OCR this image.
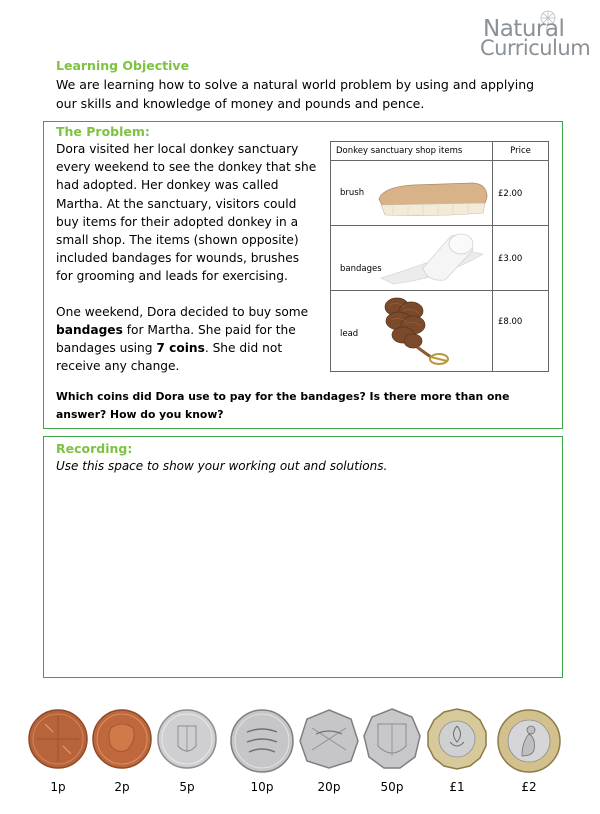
Natural
Curriculum
Learning Objective
We are learning how to solve a natural world problem by using and applying our skills and knowledge of money and pounds and pence.
The Problem:

Dora visited her local donkey sanctuary every weekend to see the donkey that she had adopted. Her donkey was called Martha. At the sanctuary, visitors could buy items for their adopted donkey in a small shop. The items (shown opposite) included bandages for wounds, brushes for grooming and leads for exercising.

One weekend, Dora decided to buy some bandages for Martha. She paid for the bandages using 7 coins. She did not receive any change.

Donkey sanctuary shop items	Price

brush	£2.00

bandages	£3.00

lead	£8.00
Which coins did Dora use to pay for the bandages? Is there more than one answer? How do you know?
Recording:
Use this space to show your working out and solutions.
1p	2p	5p	10p	20p	50p	£1	£2
